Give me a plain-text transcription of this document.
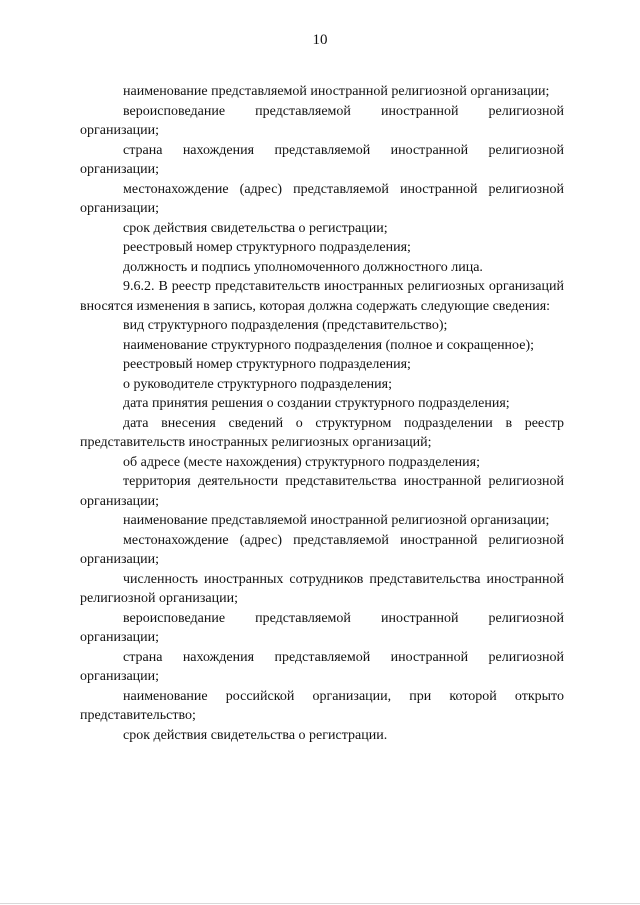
10

наименование представляемой иностранной религиозной организации;

вероисповедание представляемой иностранной религиозной организации;

страна нахождения представляемой иностранной религиозной организации;

местонахождение (адрес) представляемой иностранной религиозной организации;

срок действия свидетельства о регистрации;

реестровый номер структурного подразделения;

должность и подпись уполномоченного должностного лица.

9.6.2. В реестр представительств иностранных религиозных организаций вносятся изменения в запись, которая должна содержать следующие сведения:

вид структурного подразделения (представительство);

наименование структурного подразделения (полное и сокращенное);

реестровый номер структурного подразделения;

о руководителе структурного подразделения;

дата принятия решения о создании структурного подразделения;

дата внесения сведений о структурном подразделении в реестр представительств иностранных религиозных организаций;

об адресе (месте нахождения) структурного подразделения;

территория деятельности представительства иностранной религиозной организации;

наименование представляемой иностранной религиозной организации;

местонахождение (адрес) представляемой иностранной религиозной организации;

численность иностранных сотрудников представительства иностранной религиозной организации;

вероисповедание представляемой иностранной религиозной организации;

страна нахождения представляемой иностранной религиозной организации;

наименование российской организации, при которой открыто представительство;

срок действия свидетельства о регистрации.
